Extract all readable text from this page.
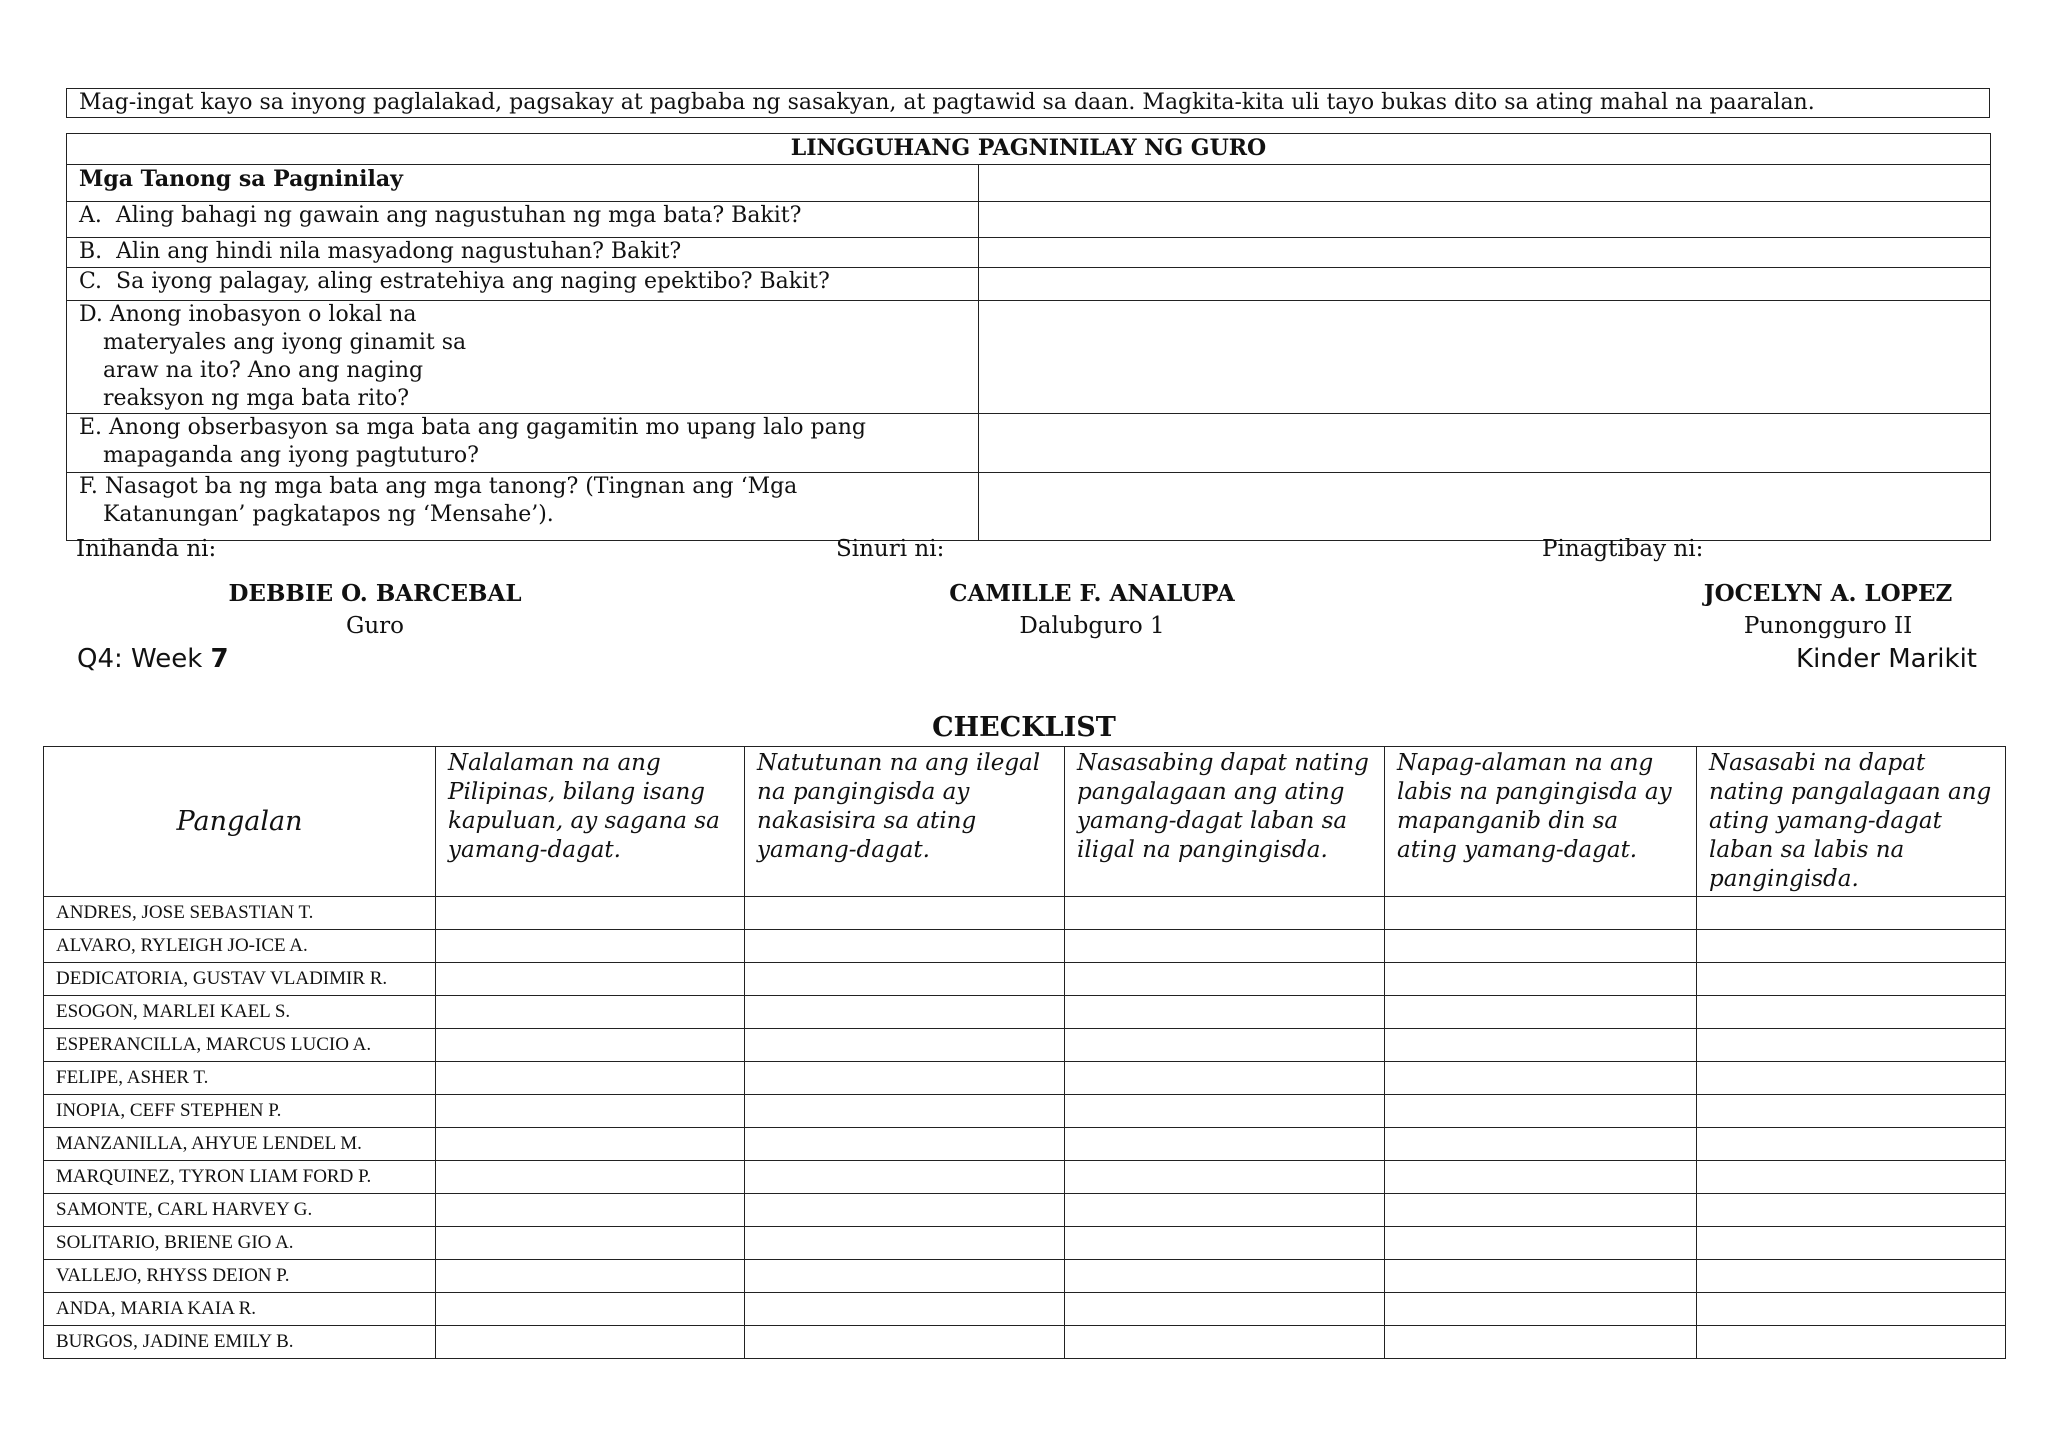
Mag-ingat kayo sa inyong paglalakad, pagsakay at pagbaba ng sasakyan, at pagtawid sa daan. Magkita-kita uli tayo bukas dito sa ating mahal na paaralan.
LINGGUHANG PAGNINILAY NG GURO	
Mga Tanong sa Pagninilay	
A.  Aling bahagi ng gawain ang nagustuhan ng mga bata? Bakit?	
B.  Alin ang hindi nila masyadong nagustuhan? Bakit?	
C.  Sa iyong palagay, aling estratehiya ang naging epektibo? Bakit?	
D. Anong inobasyon o lokal na materyales ang iyong ginamit sa araw na ito? Ano ang naging reaksyon ng mga bata rito?	
E. Anong obserbasyon sa mga bata ang gagamitin mo upang lalo pang mapaganda ang iyong pagtuturo?	
F. Nasagot ba ng mga bata ang mga tanong? (Tingnan ang ‘Mga Katanungan’ pagkatapos ng ‘Mensahe’).	
Inihanda ni:	Sinuri ni:	Pinagtibay ni:
DEBBIE O. BARCEBAL	CAMILLE F. ANALUPA	JOCELYN A. LOPEZ
Guro	Dalubguro 1	Punongguro II
Q4: Week 7	Kinder Marikit
CHECKLIST
Pangalan	Nalalaman na ang Pilipinas, bilang isang kapuluan, ay sagana sa yamang-dagat.	Natutunan na ang ilegal na pangingisda ay nakasisira sa ating yamang-dagat.	Nasasabing dapat nating pangalagaan ang ating yamang-dagat laban sa iligal na pangingisda.	Napag-alaman na ang labis na pangingisda ay mapanganib din sa ating yamang-dagat.	Nasasabi na dapat nating pangalagaan ang ating yamang-dagat laban sa labis na pangingisda.
ANDRES, JOSE SEBASTIAN T.					
ALVARO, RYLEIGH JO-ICE A.					
DEDICATORIA, GUSTAV VLADIMIR R.					
ESOGON, MARLEI KAEL S.					
ESPERANCILLA, MARCUS LUCIO A.					
FELIPE, ASHER T.					
INOPIA, CEFF STEPHEN P.					
MANZANILLA, AHYUE LENDEL M.					
MARQUINEZ, TYRON LIAM FORD P.					
SAMONTE, CARL HARVEY G.					
SOLITARIO, BRIENE GIO A.					
VALLEJO, RHYSS DEION P.					
ANDA, MARIA KAIA R.					
BURGOS, JADINE EMILY B.					
